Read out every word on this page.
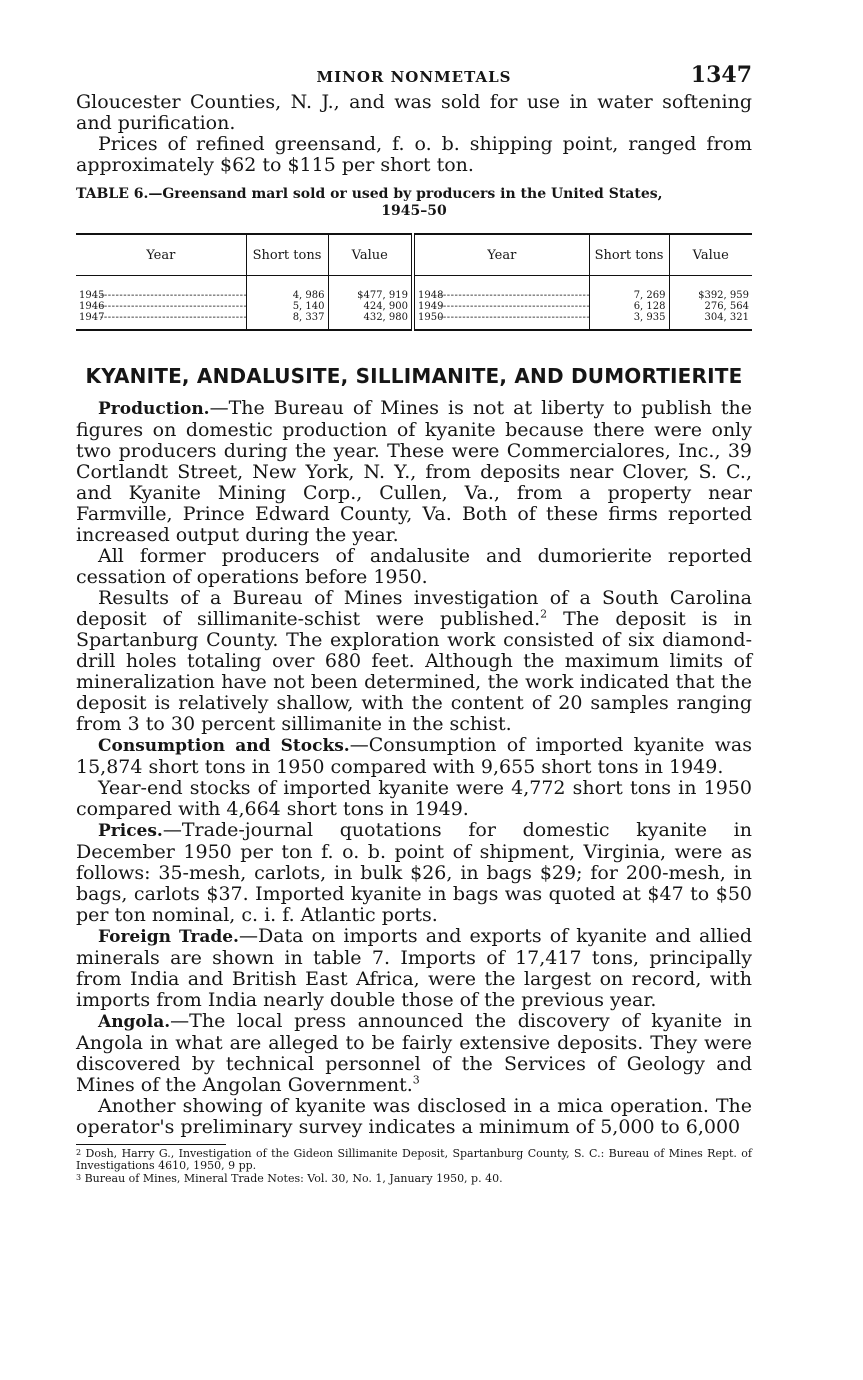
MINOR NONMETALS	1347

Gloucester Counties, N. J., and was sold for use in water softening and purification.

Prices of refined greensand, f. o. b. shipping point, ranged from approximately $62 to $115 per short ton.

TABLE 6.—Greensand marl sold or used by producers in the United States,
1945–50
Year	Short tons	Value	Year	Short tons	Value
1945 -----	4, 986	$477, 919	1948 -----	7, 269	$392, 959
1946 -----	5, 140	424, 900	1949 -----	6, 128	276, 564
1947 -----	8, 337	432, 980	1950 -----	3, 935	304, 321
KYANITE, ANDALUSITE, SILLIMANITE, AND DUMORTIERITE

Production.—The Bureau of Mines is not at liberty to publish the figures on domestic production of kyanite because there were only two producers during the year. These were Commercialores, Inc., 39 Cortlandt Street, New York, N. Y., from deposits near Clover, S. C., and Kyanite Mining Corp., Cullen, Va., from a property near Farmville, Prince Edward County, Va. Both of these firms reported increased output during the year.

All former producers of andalusite and dumorierite reported cessation of operations before 1950.

Results of a Bureau of Mines investigation of a South Carolina deposit of sillimanite-schist were published.$^2$ The deposit is in Spartanburg County. The exploration work consisted of six diamond-drill holes totaling over 680 feet. Although the maximum limits of mineralization have not been determined, the work indicated that the deposit is relatively shallow, with the content of 20 samples ranging from 3 to 30 percent sillimanite in the schist.

Consumption and Stocks.—Consumption of imported kyanite was 15,874 short tons in 1950 compared with 9,655 short tons in 1949.

Year-end stocks of imported kyanite were 4,772 short tons in 1950 compared with 4,664 short tons in 1949.

Prices.—Trade-journal quotations for domestic kyanite in December 1950 per ton f. o. b. point of shipment, Virginia, were as follows: 35-mesh, carlots, in bulk $26, in bags $29; for 200-mesh, in bags, carlots $37. Imported kyanite in bags was quoted at $47 to $50 per ton nominal, c. i. f. Atlantic ports.

Foreign Trade.—Data on imports and exports of kyanite and allied minerals are shown in table 7. Imports of 17,417 tons, principally from India and British East Africa, were the largest on record, with imports from India nearly double those of the previous year.

Angola.—The local press announced the discovery of kyanite in Angola in what are alleged to be fairly extensive deposits. They were discovered by technical personnel of the Services of Geology and Mines of the Angolan Government.$^3$

Another showing of kyanite was disclosed in a mica operation. The operator's preliminary survey indicates a minimum of 5,000 to 6,000

2 Dosh, Harry G., Investigation of the Gideon Sillimanite Deposit, Spartanburg County, S. C.: Bureau of Mines Rept. of Investigations 4610, 1950, 9 pp.
3 Bureau of Mines, Mineral Trade Notes: Vol. 30, No. 1, January 1950, p. 40.
